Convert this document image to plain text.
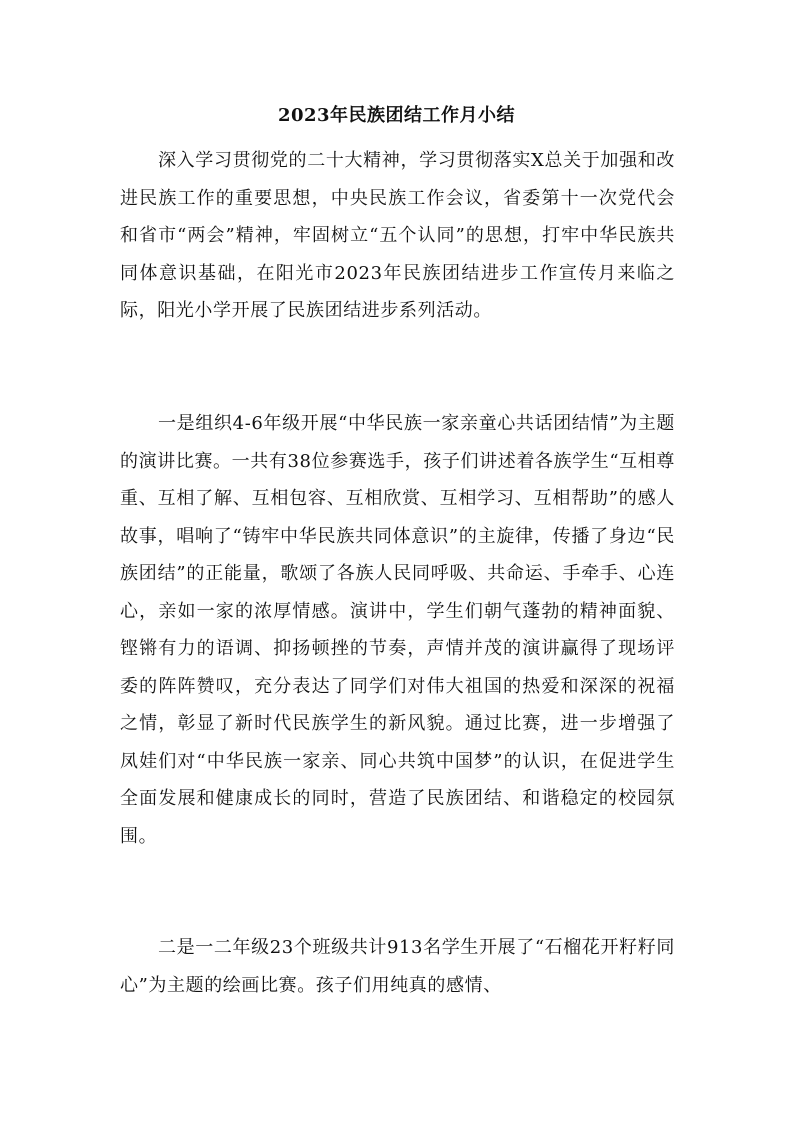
2023年民族团结工作月小结

深入学习贯彻党的二十大精神，学习贯彻落实X总关于加强和改进民族工作的重要思想，中央民族工作会议，省委第十一次党代会和省市“两会”精神，牢固树立“五个认同”的思想，打牢中华民族共同体意识基础，在阳光市2023年民族团结进步工作宣传月来临之际，阳光小学开展了民族团结进步系列活动。

一是组织4-6年级开展“中华民族一家亲童心共话团结情”为主题的演讲比赛。一共有38位参赛选手，孩子们讲述着各族学生“互相尊重、互相了解、互相包容、互相欣赏、互相学习、互相帮助”的感人故事，唱响了“铸牢中华民族共同体意识”的主旋律，传播了身边“民族团结”的正能量，歌颂了各族人民同呼吸、共命运、手牵手、心连心，亲如一家的浓厚情感。演讲中，学生们朝气蓬勃的精神面貌、铿锵有力的语调、抑扬顿挫的节奏，声情并茂的演讲赢得了现场评委的阵阵赞叹，充分表达了同学们对伟大祖国的热爱和深深的祝福之情，彰显了新时代民族学生的新风貌。通过比赛，进一步增强了凤娃们对“中华民族一家亲、同心共筑中国梦”的认识，在促进学生全面发展和健康成长的同时，营造了民族团结、和谐稳定的校园氛围。

二是一二年级23个班级共计913名学生开展了“石榴花开籽籽同心”为主题的绘画比赛。孩子们用纯真的感情、
